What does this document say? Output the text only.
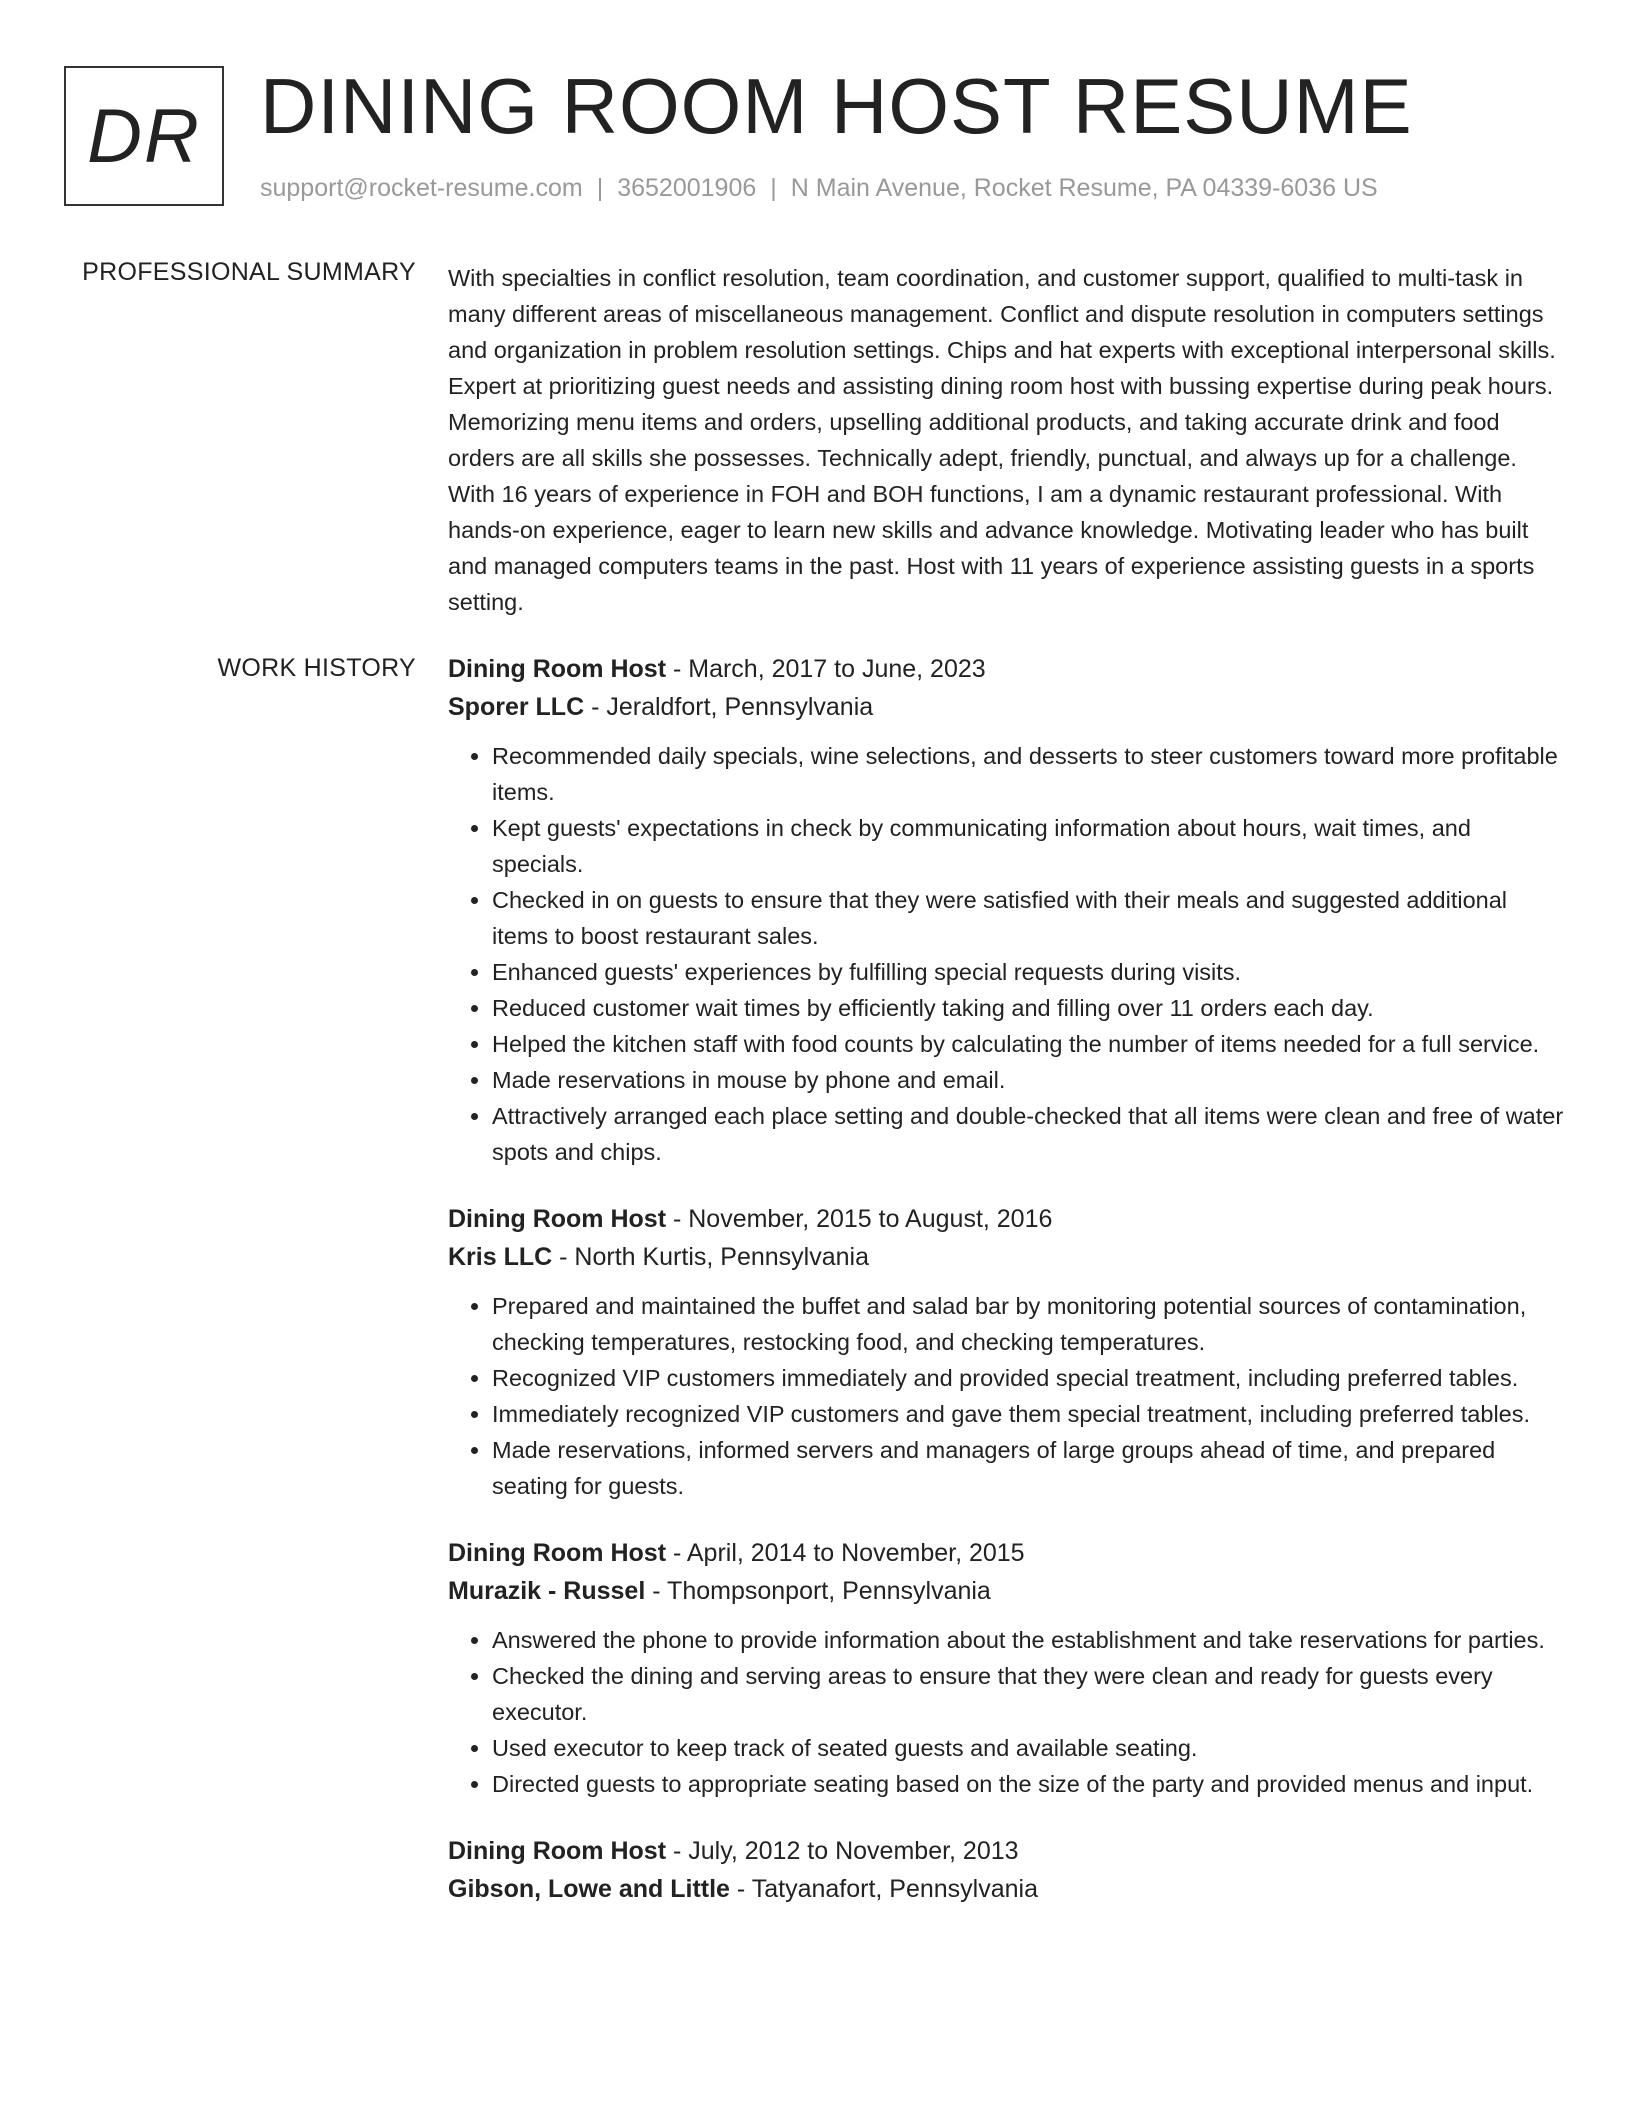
DR DINING ROOM HOST RESUME
support@rocket-resume.com | 3652001906 | N Main Avenue, Rocket Resume, PA 04339-6036 US
PROFESSIONAL SUMMARY With specialties in conflict resolution, team coordination, and customer support, qualified to multi-task in many different areas of miscellaneous management. Conflict and dispute resolution in computers settings and organization in problem resolution settings. Chips and hat experts with exceptional interpersonal skills. Expert at prioritizing guest needs and assisting dining room host with bussing expertise during peak hours. Memorizing menu items and orders, upselling additional products, and taking accurate drink and food orders are all skills she possesses. Technically adept, friendly, punctual, and always up for a challenge. With 16 years of experience in FOH and BOH functions, I am a dynamic restaurant professional. With hands-on experience, eager to learn new skills and advance knowledge. Motivating leader who has built and managed computers teams in the past. Host with 11 years of experience assisting guests in a sports setting.

WORK HISTORY Dining Room Host - March, 2017 to June, 2023
Sporer LLC - Jeraldfort, Pennsylvania
• Recommended daily specials, wine selections, and desserts to steer customers toward more profitable items.
• Kept guests' expectations in check by communicating information about hours, wait times, and specials.
• Checked in on guests to ensure that they were satisfied with their meals and suggested additional items to boost restaurant sales.
• Enhanced guests' experiences by fulfilling special requests during visits.
• Reduced customer wait times by efficiently taking and filling over 11 orders each day.
• Helped the kitchen staff with food counts by calculating the number of items needed for a full service.
• Made reservations in mouse by phone and email.
• Attractively arranged each place setting and double-checked that all items were clean and free of water spots and chips.
Dining Room Host - November, 2015 to August, 2016
Kris LLC - North Kurtis, Pennsylvania
• Prepared and maintained the buffet and salad bar by monitoring potential sources of contamination, checking temperatures, restocking food, and checking temperatures.
• Recognized VIP customers immediately and provided special treatment, including preferred tables.
• Immediately recognized VIP customers and gave them special treatment, including preferred tables.
• Made reservations, informed servers and managers of large groups ahead of time, and prepared seating for guests.
Dining Room Host - April, 2014 to November, 2015
Murazik - Russel - Thompsonport, Pennsylvania
• Answered the phone to provide information about the establishment and take reservations for parties.
• Checked the dining and serving areas to ensure that they were clean and ready for guests every executor.
• Used executor to keep track of seated guests and available seating.
• Directed guests to appropriate seating based on the size of the party and provided menus and input.
Dining Room Host - July, 2012 to November, 2013
Gibson, Lowe and Little - Tatyanafort, Pennsylvania
